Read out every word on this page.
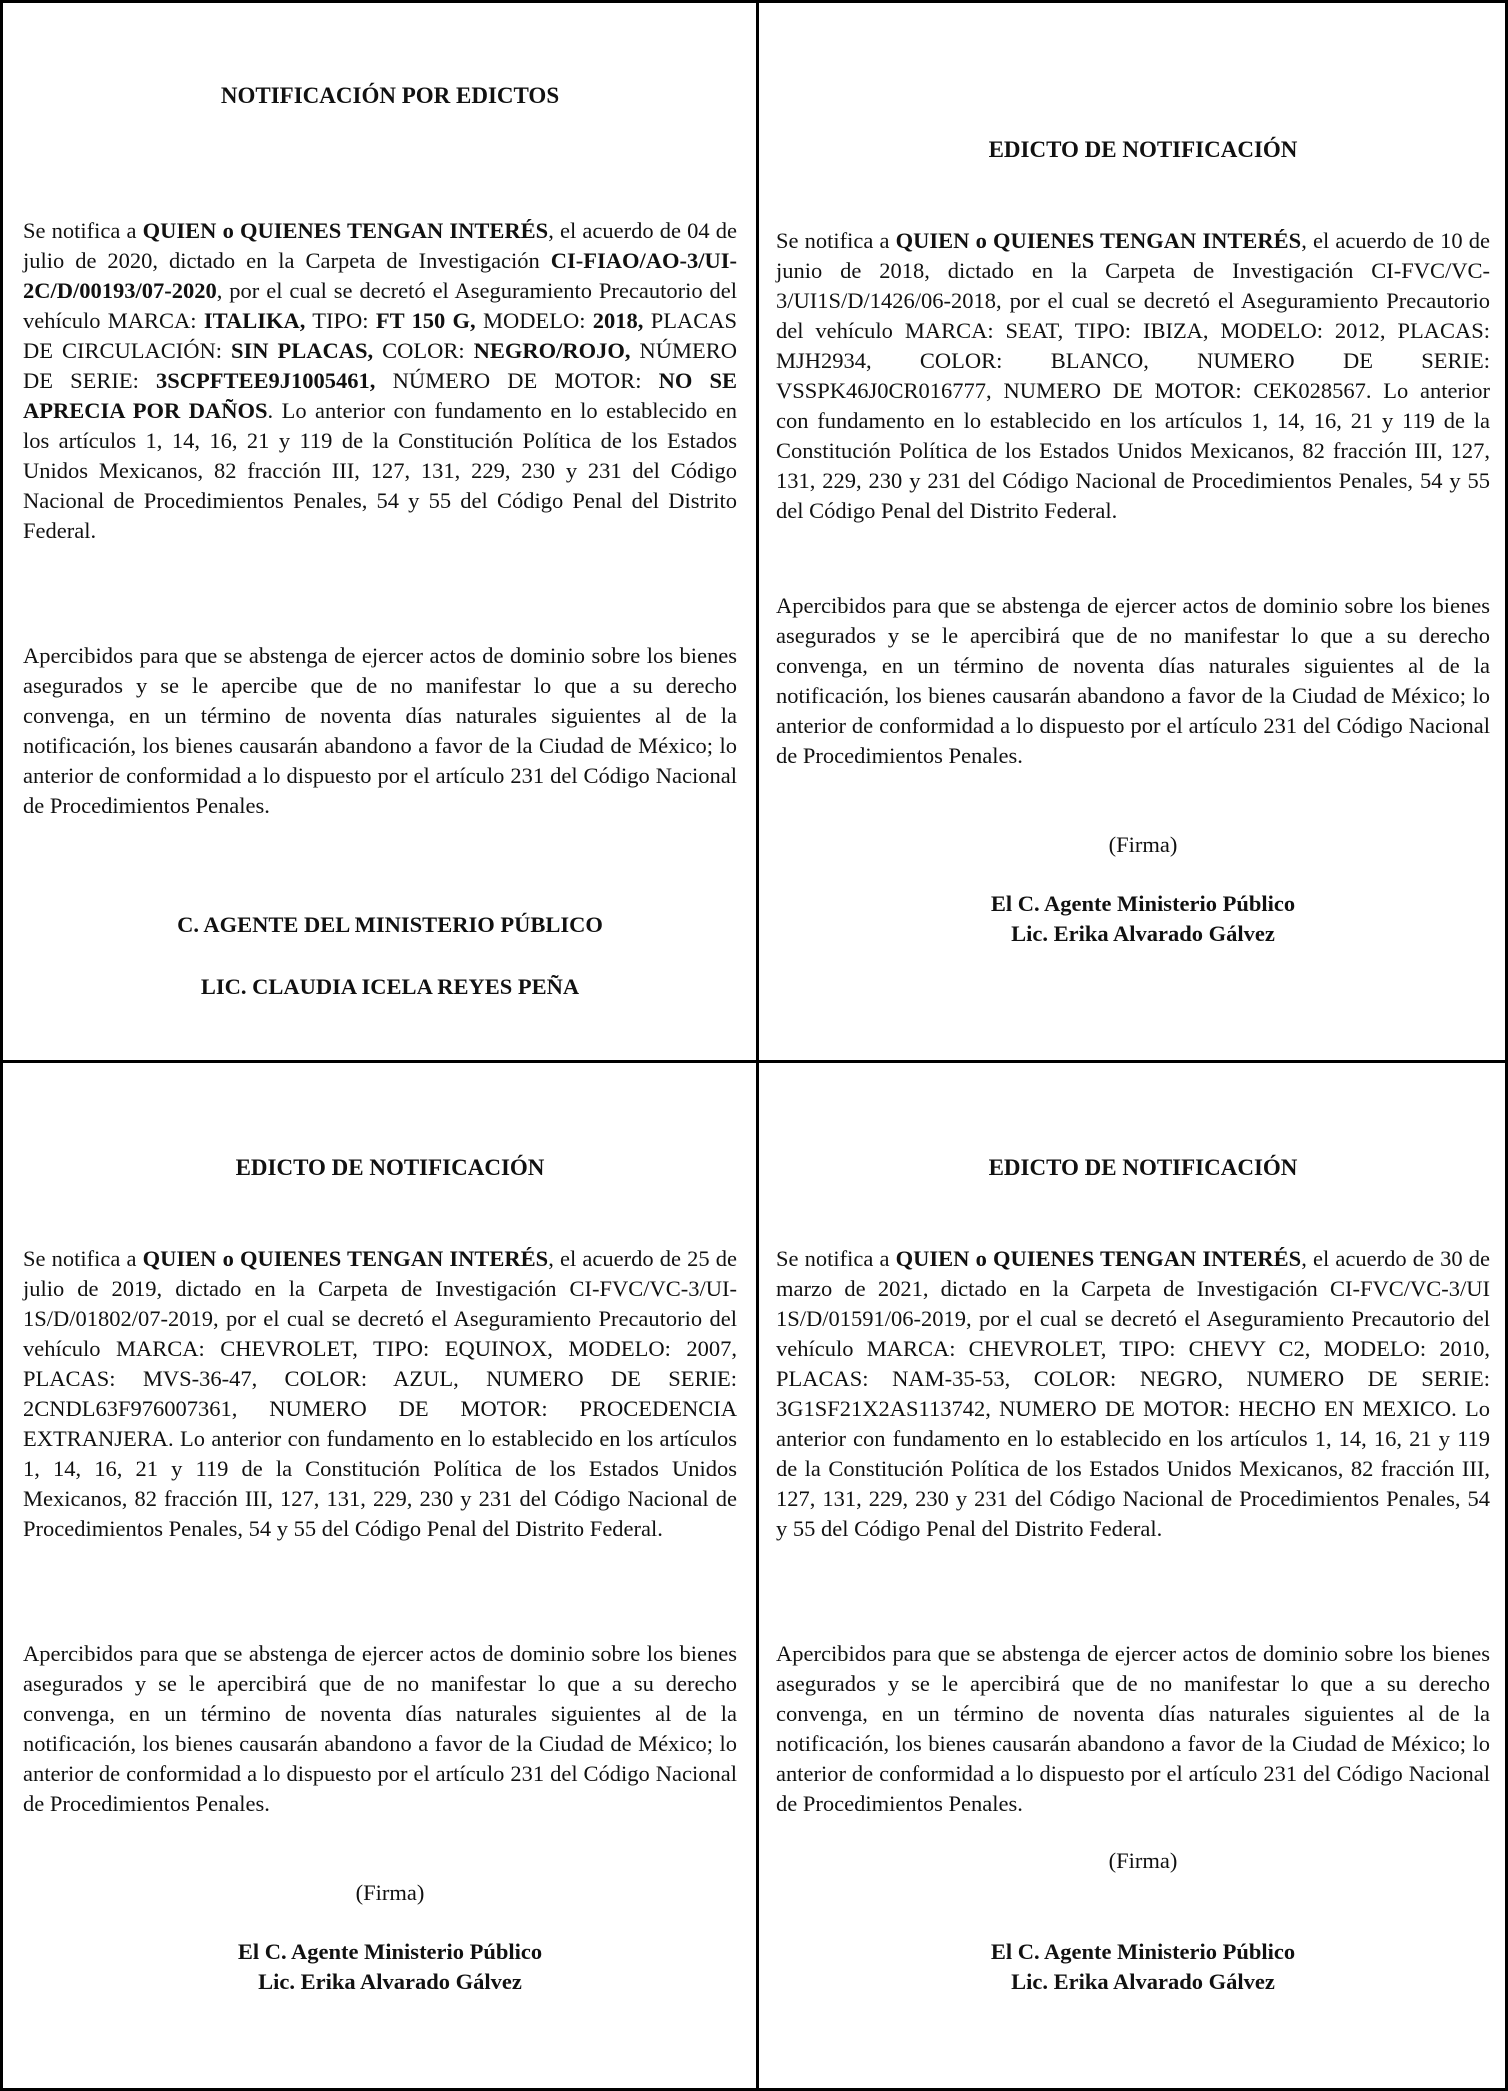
NOTIFICACIÓN POR EDICTOS
Se notifica a QUIEN o QUIENES TENGAN INTERÉS, el acuerdo de 04 de julio de 2020, dictado en la Carpeta de Investigación CI-FIAO/AO-3/UI-2C/D/00193/07-2020, por el cual se decretó el Aseguramiento Precautorio del vehículo MARCA: ITALIKA, TIPO: FT 150 G, MODELO: 2018, PLACAS DE CIRCULACIÓN: SIN PLACAS, COLOR: NEGRO/ROJO, NÚMERO DE SERIE: 3SCPFTEE9J1005461, NÚMERO DE MOTOR: NO SE APRECIA POR DAÑOS. Lo anterior con fundamento en lo establecido en los artículos 1, 14, 16, 21 y 119 de la Constitución Política de los Estados Unidos Mexicanos, 82 fracción III, 127, 131, 229, 230 y 231 del Código Nacional de Procedimientos Penales, 54 y 55 del Código Penal del Distrito Federal.
Apercibidos para que se abstenga de ejercer actos de dominio sobre los bienes asegurados y se le apercibe que de no manifestar lo que a su derecho convenga, en un término de noventa días naturales siguientes al de la notificación, los bienes causarán abandono a favor de la Ciudad de México; lo anterior de conformidad a lo dispuesto por el artículo 231 del Código Nacional de Procedimientos Penales.
C. AGENTE DEL MINISTERIO PÚBLICO
LIC. CLAUDIA ICELA REYES PEÑA
EDICTO DE NOTIFICACIÓN
Se notifica a QUIEN o QUIENES TENGAN INTERÉS, el acuerdo de 10 de junio de 2018, dictado en la Carpeta de Investigación CI-FVC/VC-3/UI1S/D/1426/06-2018, por el cual se decretó el Aseguramiento Precautorio del vehículo MARCA: SEAT, TIPO: IBIZA, MODELO: 2012, PLACAS: MJH2934, COLOR: BLANCO, NUMERO DE SERIE: VSSPK46J0CR016777, NUMERO DE MOTOR: CEK028567. Lo anterior con fundamento en lo establecido en los artículos 1, 14, 16, 21 y 119 de la Constitución Política de los Estados Unidos Mexicanos, 82 fracción III, 127, 131, 229, 230 y 231 del Código Nacional de Procedimientos Penales, 54 y 55 del Código Penal del Distrito Federal.
Apercibidos para que se abstenga de ejercer actos de dominio sobre los bienes asegurados y se le apercibirá que de no manifestar lo que a su derecho convenga, en un término de noventa días naturales siguientes al de la notificación, los bienes causarán abandono a favor de la Ciudad de México; lo anterior de conformidad a lo dispuesto por el artículo 231 del Código Nacional de Procedimientos Penales.
(Firma)
El C. Agente Ministerio Público
Lic. Erika Alvarado Gálvez
EDICTO DE NOTIFICACIÓN
Se notifica a QUIEN o QUIENES TENGAN INTERÉS, el acuerdo de 25 de julio de 2019, dictado en la Carpeta de Investigación CI-FVC/VC-3/UI- 1S/D/01802/07-2019, por el cual se decretó el Aseguramiento Precautorio del vehículo MARCA: CHEVROLET, TIPO: EQUINOX, MODELO: 2007, PLACAS: MVS-36-47, COLOR: AZUL, NUMERO DE SERIE: 2CNDL63F976007361, NUMERO DE MOTOR: PROCEDENCIA EXTRANJERA. Lo anterior con fundamento en lo establecido en los artículos 1, 14, 16, 21 y 119 de la Constitución Política de los Estados Unidos Mexicanos, 82 fracción III, 127, 131, 229, 230 y 231 del Código Nacional de Procedimientos Penales, 54 y 55 del Código Penal del Distrito Federal.
Apercibidos para que se abstenga de ejercer actos de dominio sobre los bienes asegurados y se le apercibirá que de no manifestar lo que a su derecho convenga, en un término de noventa días naturales siguientes al de la notificación, los bienes causarán abandono a favor de la Ciudad de México; lo anterior de conformidad a lo dispuesto por el artículo 231 del Código Nacional de Procedimientos Penales.
(Firma)
El C. Agente Ministerio Público
Lic. Erika Alvarado Gálvez
EDICTO DE NOTIFICACIÓN
Se notifica a QUIEN o QUIENES TENGAN INTERÉS, el acuerdo de 30 de marzo de 2021, dictado en la Carpeta de Investigación CI-FVC/VC-3/UI 1S/D/01591/06-2019, por el cual se decretó el Aseguramiento Precautorio del vehículo MARCA: CHEVROLET, TIPO: CHEVY C2, MODELO: 2010, PLACAS: NAM-35-53, COLOR: NEGRO, NUMERO DE SERIE: 3G1SF21X2AS113742, NUMERO DE MOTOR: HECHO EN MEXICO. Lo anterior con fundamento en lo establecido en los artículos 1, 14, 16, 21 y 119 de la Constitución Política de los Estados Unidos Mexicanos, 82 fracción III, 127, 131, 229, 230 y 231 del Código Nacional de Procedimientos Penales, 54 y 55 del Código Penal del Distrito Federal.
Apercibidos para que se abstenga de ejercer actos de dominio sobre los bienes asegurados y se le apercibirá que de no manifestar lo que a su derecho convenga, en un término de noventa días naturales siguientes al de la notificación, los bienes causarán abandono a favor de la Ciudad de México; lo anterior de conformidad a lo dispuesto por el artículo 231 del Código Nacional de Procedimientos Penales.
(Firma)
El C. Agente Ministerio Público
Lic. Erika Alvarado Gálvez
